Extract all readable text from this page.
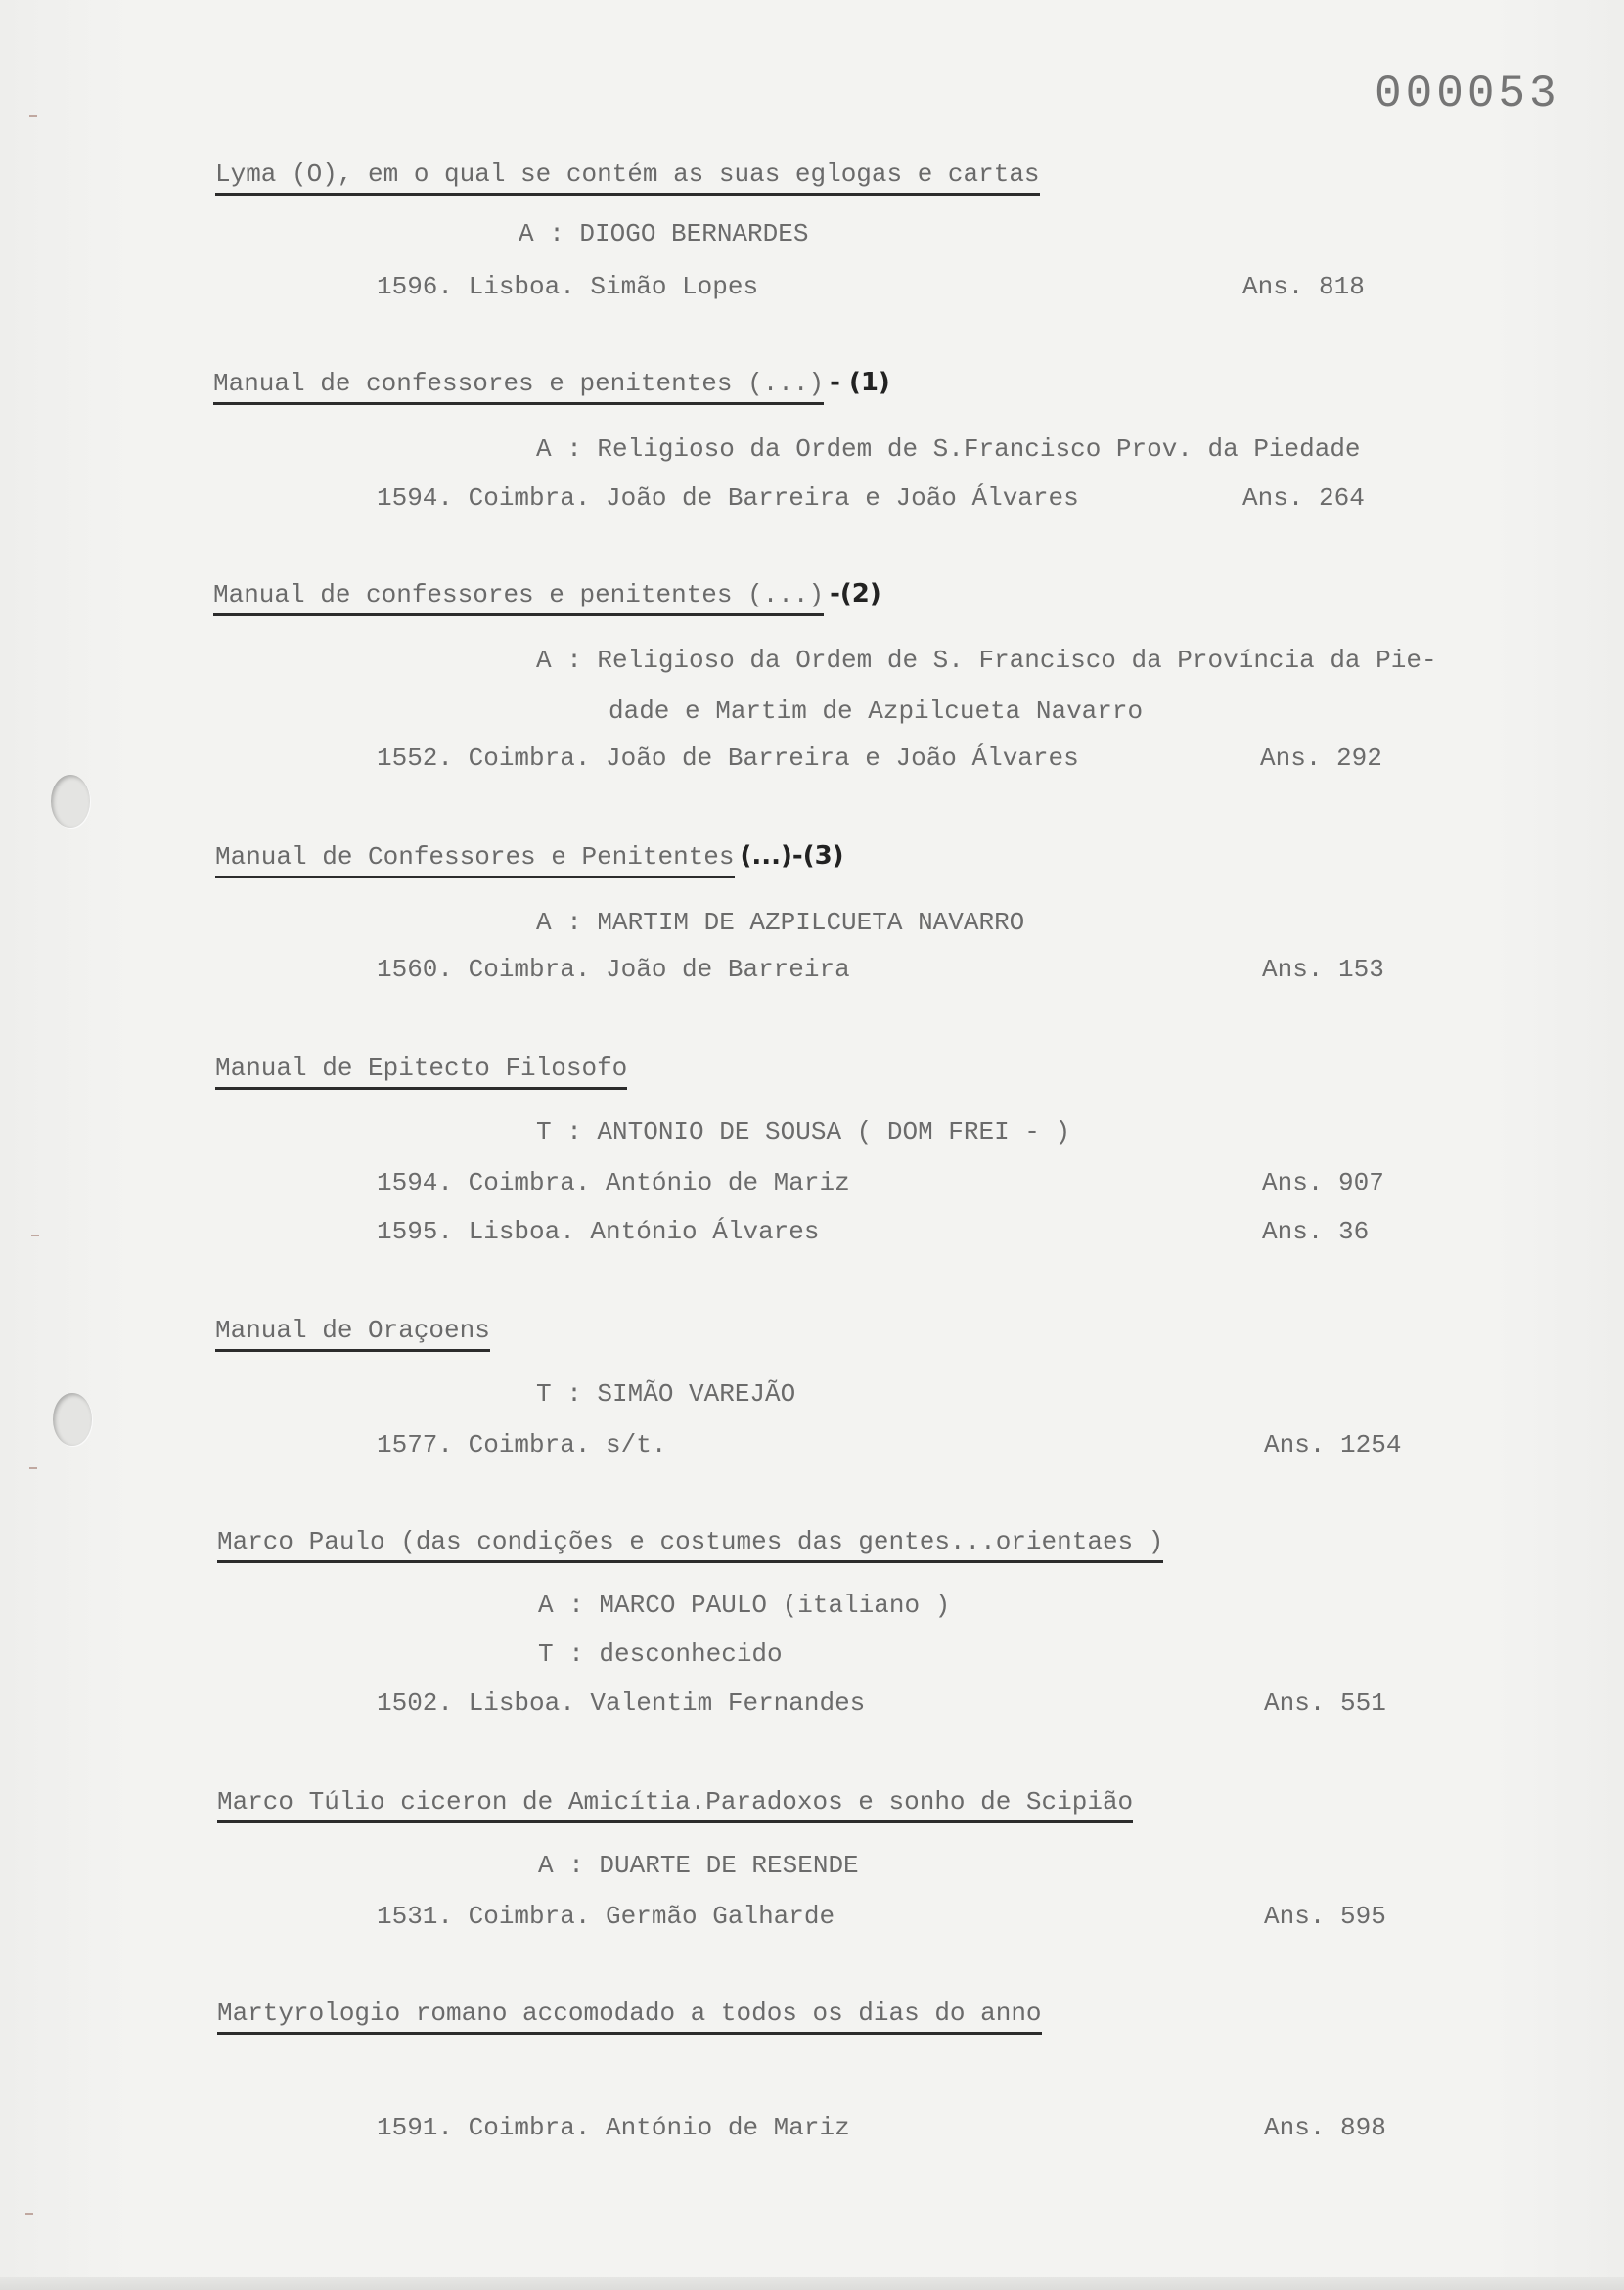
000053
Lyma (O), em o qual se contém as suas eglogas e cartas
A : DIOGO BERNARDES
1596. Lisboa. Simão Lopes	Ans. 818
Manual de confessores e penitentes (...) - (1)
A : Religioso da Ordem de S.Francisco Prov. da Piedade
1594. Coimbra. João de Barreira e João Álvares	Ans. 264
Manual de confessores e penitentes (...) -(2)
A : Religioso da Ordem de S. Francisco da Província da Pie-
dade e Martim de Azpilcueta Navarro
1552. Coimbra. João de Barreira e João Álvares	Ans. 292
Manual de Confessores e Penitentes (...)-(3)
A : MARTIM DE AZPILCUETA NAVARRO
1560. Coimbra. João de Barreira	Ans. 153
Manual de Epitecto Filosofo
T : ANTONIO DE SOUSA ( DOM FREI - )
1594. Coimbra. António de Mariz	Ans. 907
1595. Lisboa. António Álvares	Ans. 36
Manual de Oraçoens
T : SIMÃO VAREJÃO
1577. Coimbra. s/t.	Ans. 1254
Marco Paulo (das condições e costumes das gentes...orientaes )
A : MARCO PAULO (italiano )
T : desconhecido
1502. Lisboa. Valentim Fernandes	Ans. 551
Marco Túlio ciceron de Amicítia.Paradoxos e sonho de Scipião
A : DUARTE DE RESENDE
1531. Coimbra. Germão Galharde	Ans. 595
Martyrologio romano accomodado a todos os dias do anno
1591. Coimbra. António de Mariz	Ans. 898
